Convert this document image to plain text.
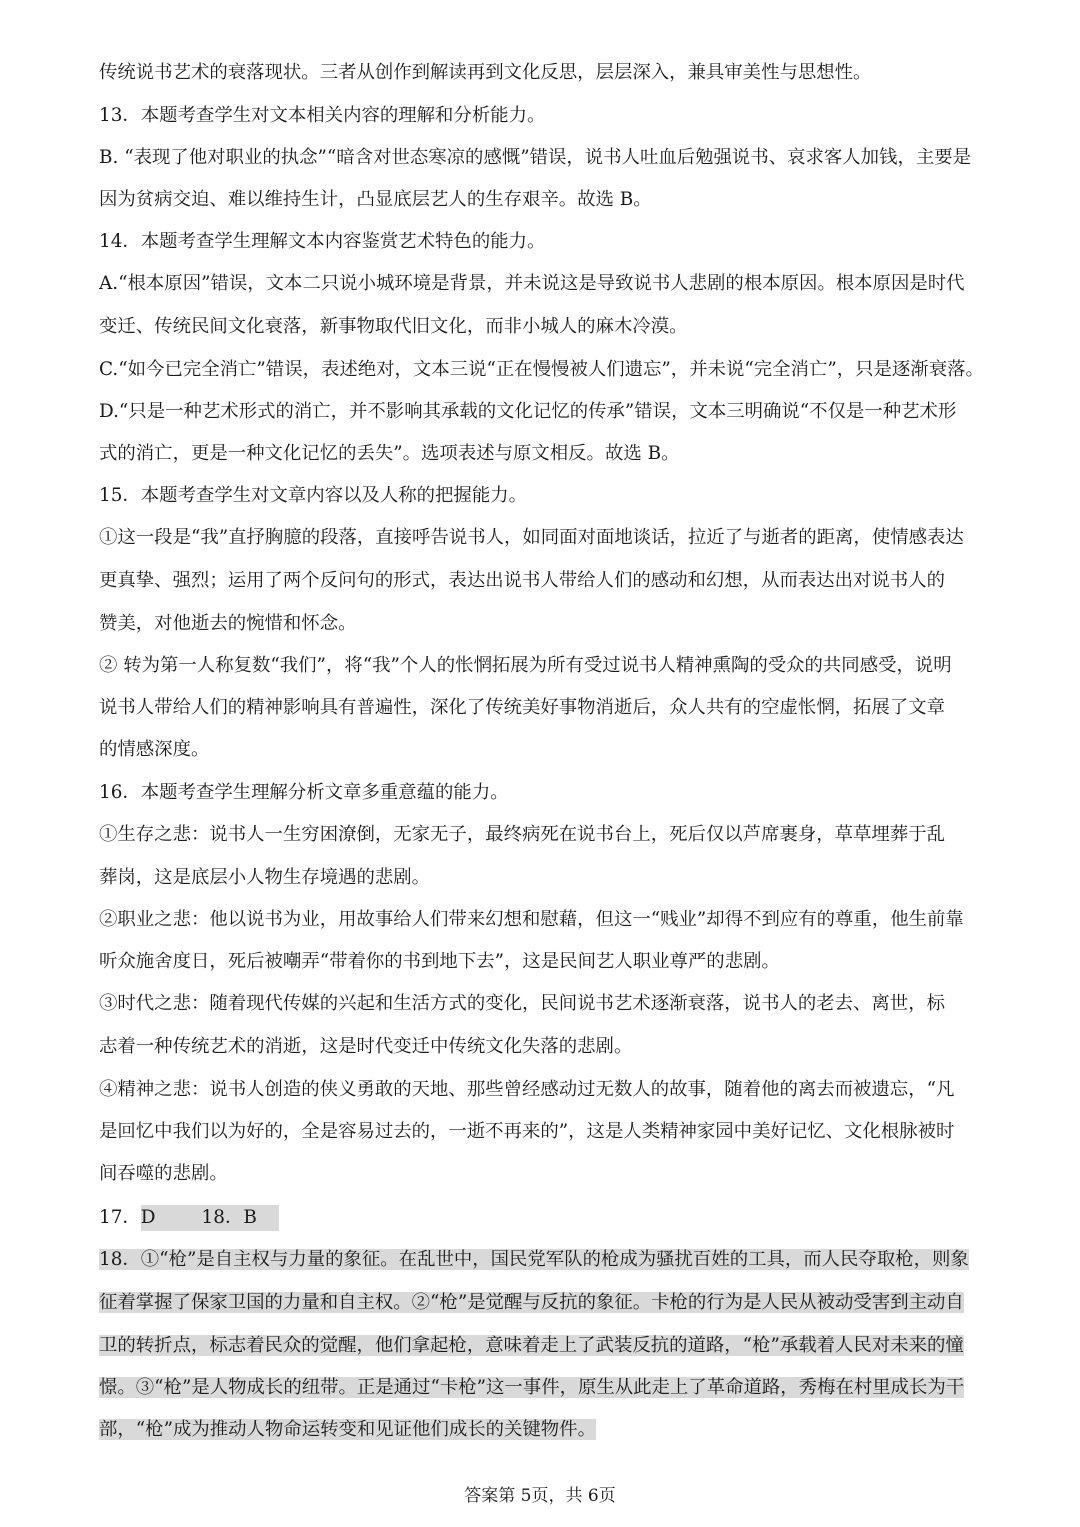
传统说书艺术的衰落现状。三者从创作到解读再到文化反思，层层深入，兼具审美性与思想性。
13．本题考查学生对文本相关内容的理解和分析能力。
B. “表现了他对职业的执念”“暗含对世态寒凉的感慨”错误，说书人吐血后勉强说书、哀求客人加钱，主要是
因为贫病交迫、难以维持生计，凸显底层艺人的生存艰辛。故选 B。
14．本题考查学生理解文本内容鉴赏艺术特色的能力。
A.“根本原因”错误，文本二只说小城环境是背景，并未说这是导致说书人悲剧的根本原因。根本原因是时代
变迁、传统民间文化衰落，新事物取代旧文化，而非小城人的麻木冷漠。
C.“如今已完全消亡”错误，表述绝对，文本三说“正在慢慢被人们遗忘”，并未说“完全消亡”，只是逐渐衰落。
D.“只是一种艺术形式的消亡，并不影响其承载的文化记忆的传承”错误，文本三明确说“不仅是一种艺术形
式的消亡，更是一种文化记忆的丢失”。选项表述与原文相反。故选 B。
15．本题考查学生对文章内容以及人称的把握能力。
①这一段是“我”直抒胸臆的段落，直接呼告说书人，如同面对面地谈话，拉近了与逝者的距离，使情感表达
更真挚、强烈；运用了两个反问句的形式，表达出说书人带给人们的感动和幻想，从而表达出对说书人的
赞美，对他逝去的惋惜和怀念。
② 转为第一人称复数“我们”，将“我”个人的怅惘拓展为所有受过说书人精神熏陶的受众的共同感受，说明
说书人带给人们的精神影响具有普遍性，深化了传统美好事物消逝后，众人共有的空虚怅惘，拓展了文章
的情感深度。
16．本题考查学生理解分析文章多重意蕴的能力。
①生存之悲：说书人一生穷困潦倒，无家无子，最终病死在说书台上，死后仅以芦席裹身，草草埋葬于乱
葬岗，这是底层小人物生存境遇的悲剧。
②职业之悲：他以说书为业，用故事给人们带来幻想和慰藉，但这一“贱业”却得不到应有的尊重，他生前靠
听众施舍度日，死后被嘲弄“带着你的书到地下去”，这是民间艺人职业尊严的悲剧。
③时代之悲：随着现代传媒的兴起和生活方式的变化，民间说书艺术逐渐衰落，说书人的老去、离世，标
志着一种传统艺术的消逝，这是时代变迁中传统文化失落的悲剧。
④精神之悲：说书人创造的侠义勇敢的天地、那些曾经感动过无数人的故事，随着他的离去而被遗忘，“凡
是回忆中我们以为好的，全是容易过去的，一逝不再来的”，这是人类精神家园中美好记忆、文化根脉被时
间吞噬的悲剧。
17．D	18．B
18．①“枪”是自主权与力量的象征。在乱世中，国民党军队的枪成为骚扰百姓的工具，而人民夺取枪，则象
征着掌握了保家卫国的力量和自主权。②“枪”是觉醒与反抗的象征。卡枪的行为是人民从被动受害到主动自
卫的转折点，标志着民众的觉醒，他们拿起枪，意味着走上了武装反抗的道路，“枪”承载着人民对未来的憧
憬。③“枪”是人物成长的纽带。正是通过“卡枪”这一事件，原生从此走上了革命道路，秀梅在村里成长为干
部，“枪”成为推动人物命运转变和见证他们成长的关键物件。
答案第 5页，共 6页
